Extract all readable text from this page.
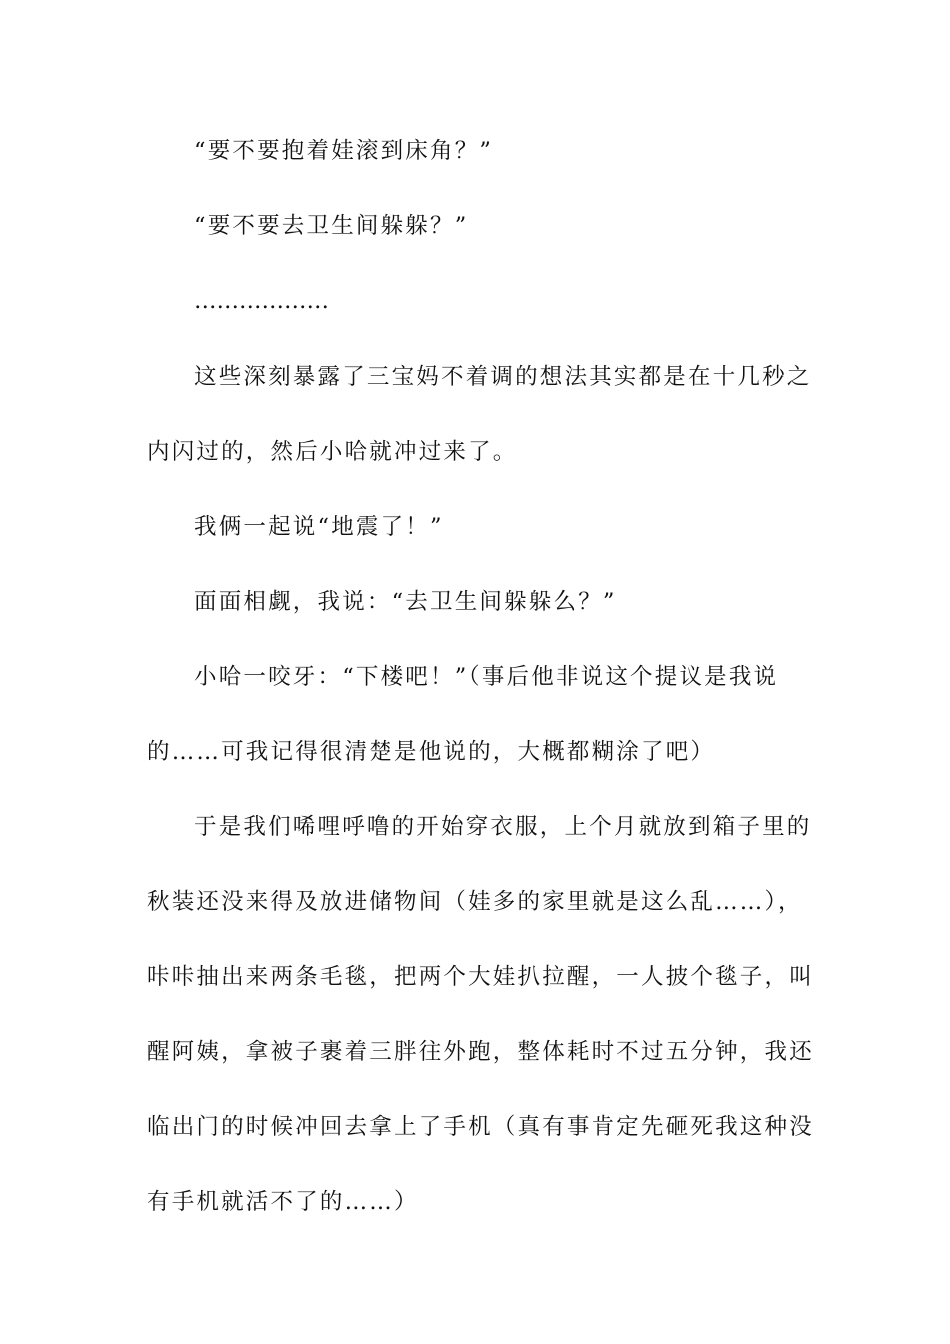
“要不要抱着娃滚到床角？”
“要不要去卫生间躲躲？”
………………
这些深刻暴露了三宝妈不着调的想法其实都是在十几秒之
内闪过的，然后小哈就冲过来了。
我俩一起说“地震了！”
面面相觑，我说：“去卫生间躲躲么？”
小哈一咬牙：“下楼吧！”（事后他非说这个提议是我说
的……可我记得很清楚是他说的，大概都糊涂了吧）
于是我们唏哩呼噜的开始穿衣服，上个月就放到箱子里的
秋装还没来得及放进储物间（娃多的家里就是这么乱……），
咔咔抽出来两条毛毯，把两个大娃扒拉醒，一人披个毯子，叫
醒阿姨，拿被子裹着三胖往外跑，整体耗时不过五分钟，我还
临出门的时候冲回去拿上了手机（真有事肯定先砸死我这种没
有手机就活不了的……）
